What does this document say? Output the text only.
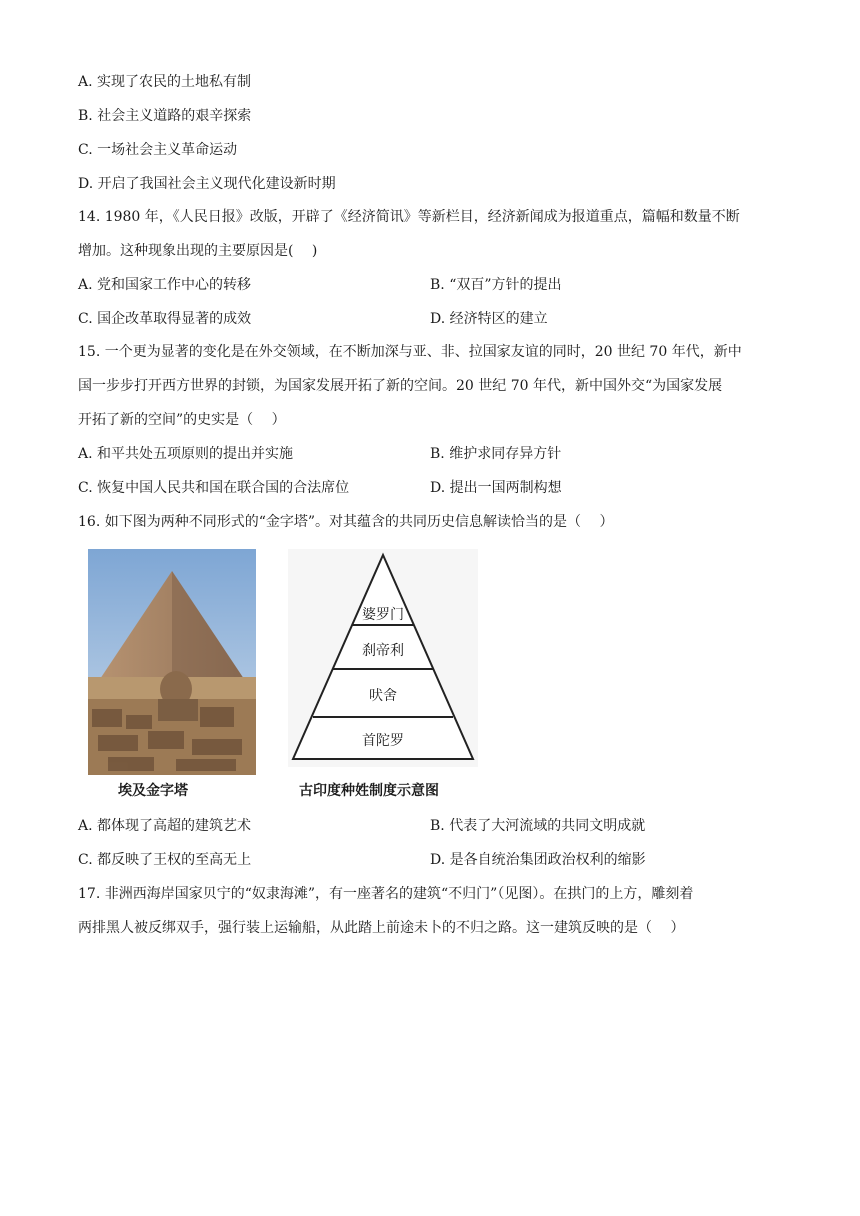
A. 实现了农民的土地私有制
B. 社会主义道路的艰辛探索
C. 一场社会主义革命运动
D. 开启了我国社会主义现代化建设新时期
14. 1980 年，《人民日报》改版，开辟了《经济简讯》等新栏目，经济新闻成为报道重点，篇幅和数量不断
增加。这种现象出现的主要原因是(　 )
A. 党和国家工作中心的转移	B. “双百”方针的提出
C. 国企改革取得显著的成效	D. 经济特区的建立
15. 一个更为显著的变化是在外交领域，在不断加深与亚、非、拉国家友谊的同时，20 世纪 70 年代，新中
国一步步打开西方世界的封锁，为国家发展开拓了新的空间。20 世纪 70 年代，新中国外交“为国家发展
开拓了新的空间”的史实是（　 ）
A. 和平共处五项原则的提出并实施	B. 维护求同存异方针
C. 恢复中国人民共和国在联合国的合法席位	D. 提出一国两制构想
16. 如下图为两种不同形式的“金字塔”。对其蕴含的共同历史信息解读恰当的是（　 ）
埃及金字塔
婆罗门
刹帝利
吠舍
首陀罗
古印度种姓制度示意图
A. 都体现了高超的建筑艺术	B. 代表了大河流域的共同文明成就
C. 都反映了王权的至高无上	D. 是各自统治集团政治权利的缩影
17. 非洲西海岸国家贝宁的“奴隶海滩”，有一座著名的建筑“不归门”（见图）。在拱门的上方，雕刻着
两排黑人被反绑双手，强行装上运输船，从此踏上前途未卜的不归之路。这一建筑反映的是（　 ）
